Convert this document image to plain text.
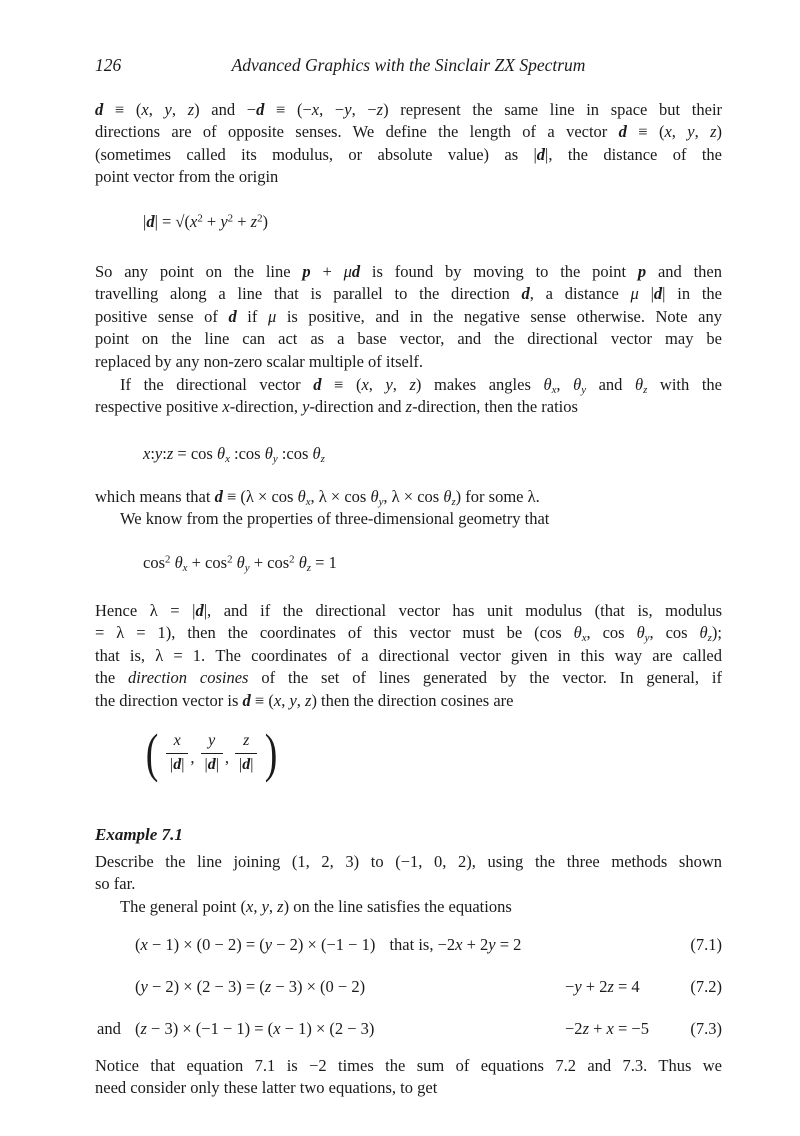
126	Advanced Graphics with the Sinclair ZX Spectrum
d ≡ (x, y, z) and −d ≡ (−x, −y, −z) represent the same line in space but their
directions are of opposite senses. We define the length of a vector d ≡ (x, y, z)
(sometimes called its modulus, or absolute value) as |d|, the distance of the
point vector from the origin
$|d| = √(x^2 + y^2 + z^2)$
So any point on the line p + μd is found by moving to the point p and then
travelling along a line that is parallel to the direction d, a distance μ |d| in the
positive sense of d if μ is positive, and in the negative sense otherwise. Note any
point on the line can act as a base vector, and the directional vector may be
replaced by any non-zero scalar multiple of itself.
If the directional vector d ≡ (x, y, z) makes angles $\theta_x$, $\theta_y$ and $\theta_z$ with the
respective positive x-direction, y-direction and z-direction, then the ratios
x:y:z = $\cos \theta_x$ :cos $\theta_y$ :cos $\theta_z$
which means that $d \equiv (\lambda \times \cos \theta_x$, $\lambda \times \cos \theta_y$, $\lambda \times \cos \theta_z$) for some λ.
We know from the properties of three-dimensional geometry that
$\cos^2 \theta_x + \cos^2 \theta_y + \cos^2 \theta_z = 1$
Hence λ = |d|, and if the directional vector has unit modulus (that is, modulus
= λ = 1), then the coordinates of this vector must be (cos $\theta_x$, $\cos \theta_y$, $\cos \theta_z$);
that is, λ = 1. The coordinates of a directional vector given in this way are called
the direction cosines of the set of lines generated by the vector. In general, if
the direction vector is d ≡ (x, y, z) then the direction cosines are
( $\frac{x}{|d|}$ , $\frac{y}{|d|}$ , $\frac{z}{|d|}$ )
Example 7.1
Describe the line joining (1, 2, 3) to (−1, 0, 2), using the three methods shown
so far.
The general point (x, y, z) on the line satisfies the equations
(x − 1) × (0 − 2) = (y − 2) × (−1 − 1) that is, −2x + 2y = 2	(7.1)
(y − 2) × (2 − 3) = (z − 3) × (0 − 2)	−y + 2z = 4	(7.2)
and (z − 3) × (−1 − 1) = (x − 1) × (2 − 3)	−2z + x = −5	(7.3)
Notice that equation 7.1 is −2 times the sum of equations 7.2 and 7.3. Thus we
need consider only these latter two equations, to get
